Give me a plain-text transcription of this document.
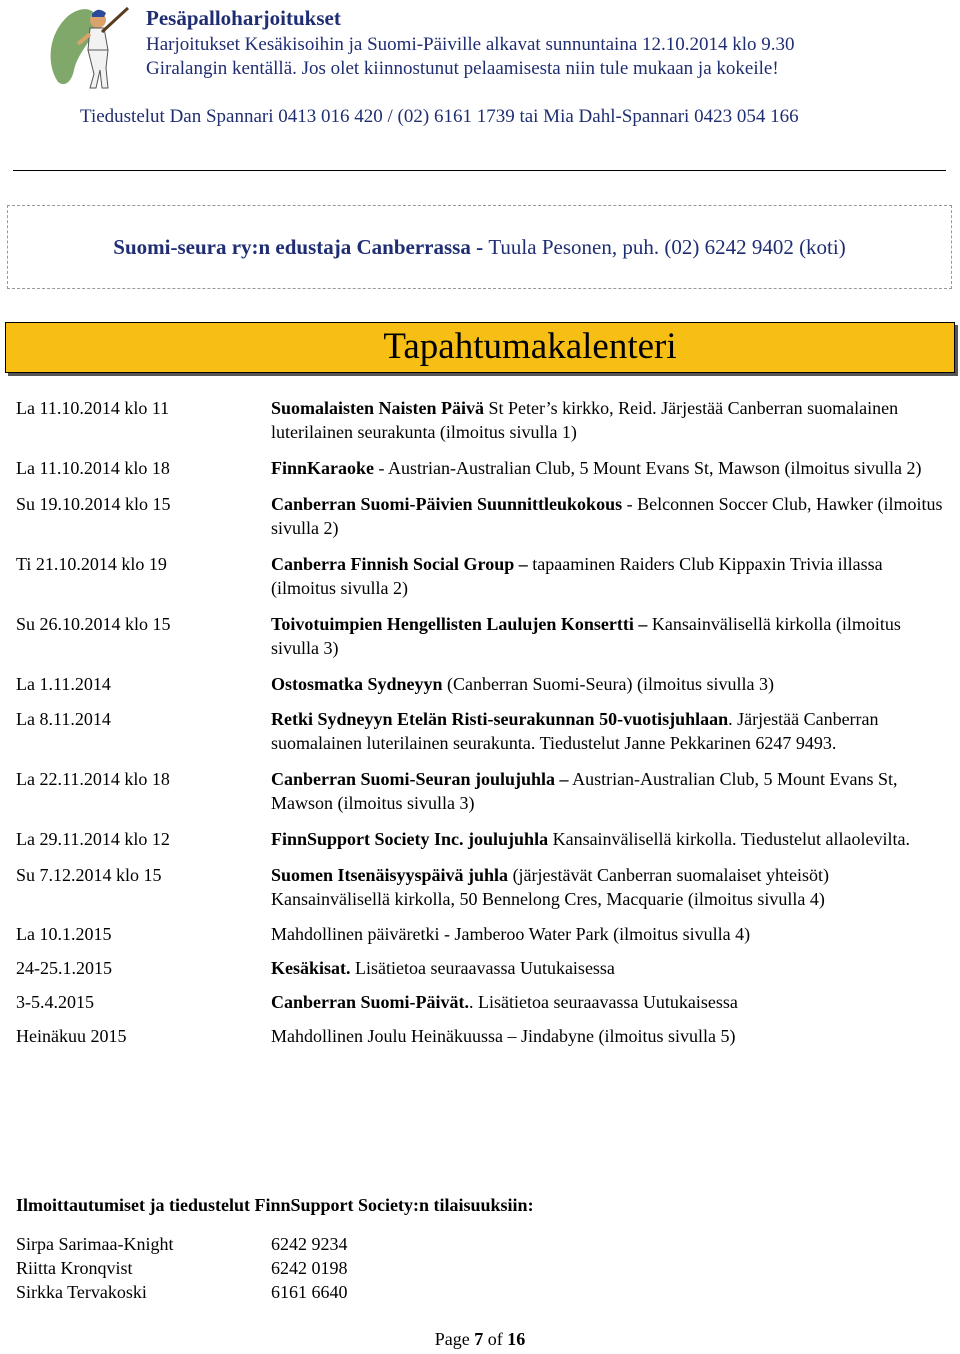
Pesäpalloharjoitukset
Harjoitukset Kesäkisoihin ja Suomi-Päiville alkavat sunnuntaina 12.10.2014 klo 9.30
Giralangin kentällä. Jos olet kiinnostunut pelaamisesta niin tule mukaan ja kokeile!
Tiedustelut Dan Spannari 0413 016 420 / (02) 6161 1739 tai Mia Dahl-Spannari 0423 054 166
Suomi-seura ry:n edustaja Canberrassa - Tuula Pesonen, puh. (02) 6242 9402 (koti)
Tapahtumakalenteri
La 11.10.2014 klo 11	Suomalaisten Naisten Päivä St Peter’s kirkko, Reid. Järjestää Canberran suomalainen luterilainen seurakunta (ilmoitus sivulla 1)
La 11.10.2014 klo 18	FinnKaraoke - Austrian-Australian Club, 5 Mount Evans St, Mawson (ilmoitus sivulla 2)
Su 19.10.2014 klo 15	Canberran Suomi-Päivien Suunnittleukokous - Belconnen Soccer Club, Hawker (ilmoitus sivulla 2)
Ti 21.10.2014 klo 19	Canberra Finnish Social Group – tapaaminen Raiders Club Kippaxin Trivia illassa (ilmoitus sivulla 2)
Su 26.10.2014 klo 15	Toivotuimpien Hengellisten Laulujen Konsertti – Kansainvälisellä kirkolla (ilmoitus sivulla 3)
La 1.11.2014	Ostosmatka Sydneyyn (Canberran Suomi-Seura) (ilmoitus sivulla 3)
La 8.11.2014	Retki Sydneyyn Etelän Risti-seurakunnan 50-vuotisjuhlaan. Järjestää Canberran suomalainen luterilainen seurakunta. Tiedustelut Janne Pekkarinen 6247 9493.
La 22.11.2014 klo 18	Canberran Suomi-Seuran joulujuhla – Austrian-Australian Club, 5 Mount Evans St, Mawson (ilmoitus sivulla 3)
La 29.11.2014 klo 12	FinnSupport Society Inc. joulujuhla Kansainvälisellä kirkolla. Tiedustelut allaolevilta.
Su 7.12.2014 klo 15	Suomen Itsenäisyyspäivä juhla (järjestävät Canberran suomalaiset yhteisöt) Kansainvälisellä kirkolla, 50 Bennelong Cres, Macquarie (ilmoitus sivulla 4)
La 10.1.2015	Mahdollinen päiväretki - Jamberoo Water Park (ilmoitus sivulla 4)
24-25.1.2015	Kesäkisat. Lisätietoa seuraavassa Uutukaisessa
3-5.4.2015	Canberran Suomi-Päivät.. Lisätietoa seuraavassa Uutukaisessa
Heinäkuu 2015	Mahdollinen Joulu Heinäkuussa – Jindabyne (ilmoitus sivulla 5)
Ilmoittautumiset ja tiedustelut FinnSupport Society:n tilaisuuksiin:
Sirpa Sarimaa-Knight	6242 9234
Riitta Kronqvist	6242 0198
Sirkka Tervakoski	6161 6640
Page 7 of 16
